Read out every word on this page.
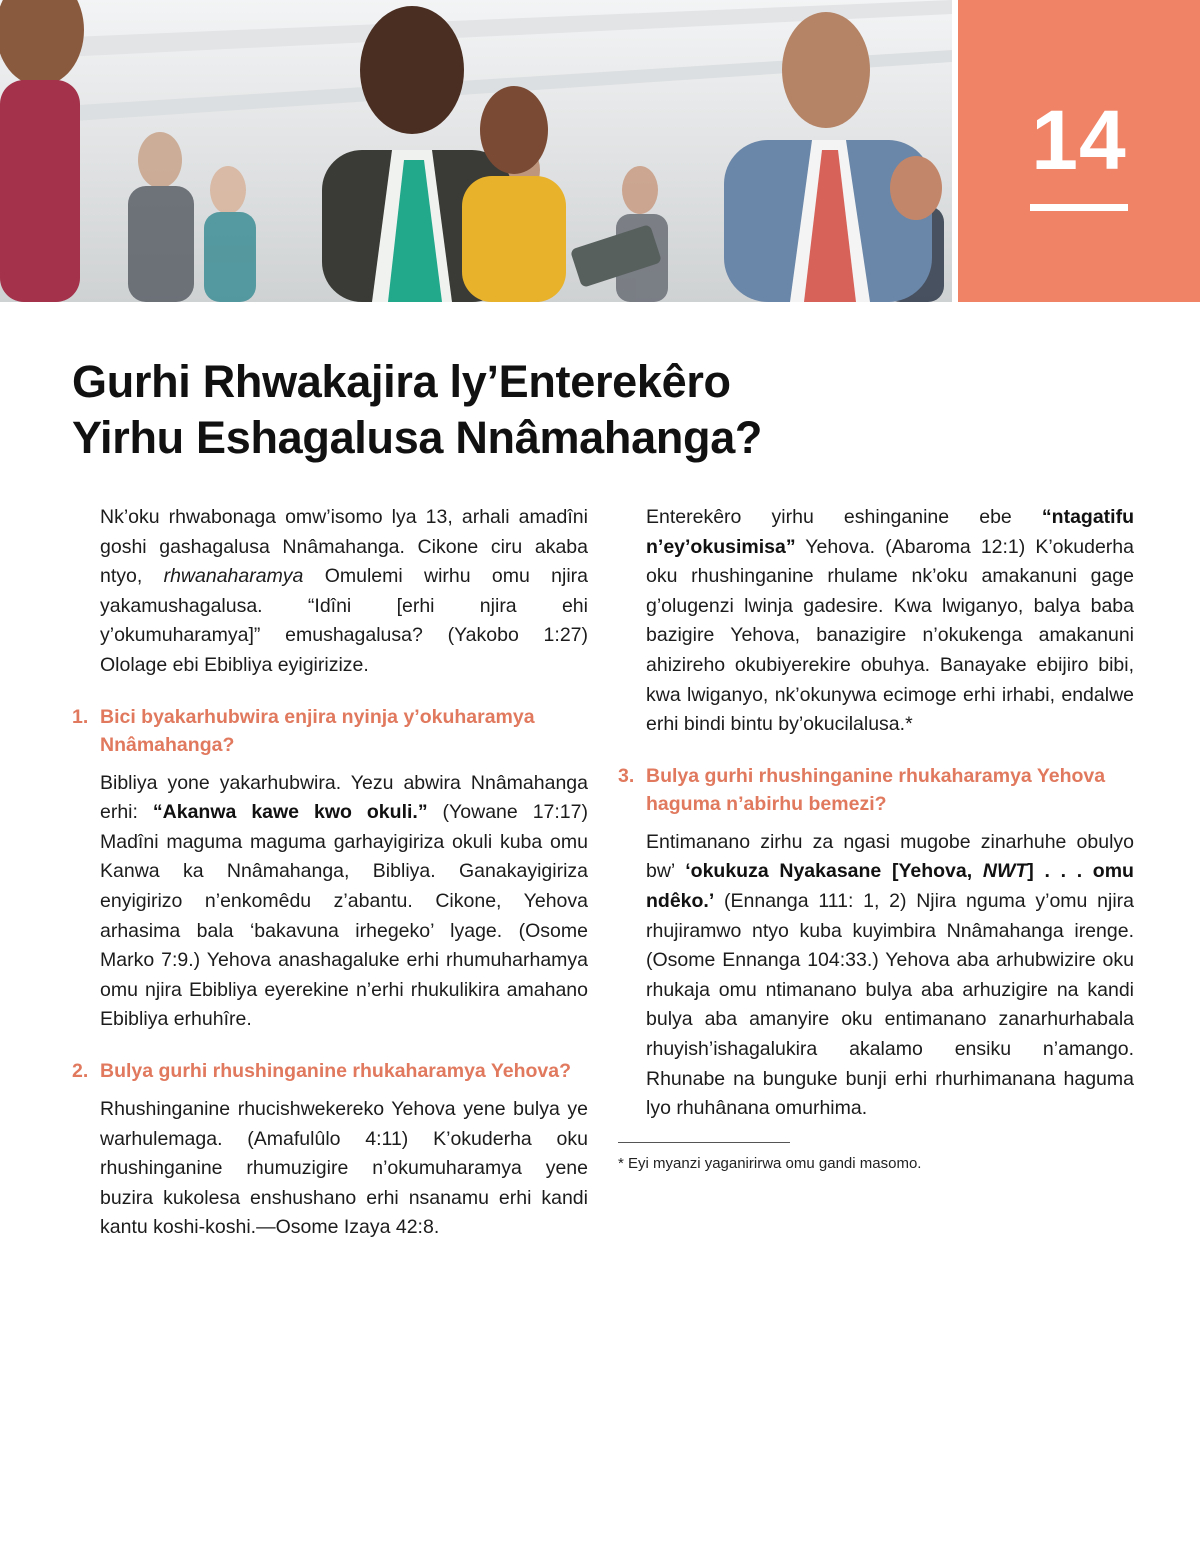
14
Gurhi Rhwakajira ly’Enterekêro
Yirhu Eshagalusa Nnâmahanga?

Nk’oku rhwabonaga omw’isomo lya 13, arhali amadîni goshi gashagalusa Nnâmahanga. Cikone ciru akaba ntyo, rhwanaharamya Omulemi wirhu omu njira yakamushagalusa. “Idîni [erhi njira ehi y’okumuharamya]” emushagalusa? (Yakobo 1:27) Ololage ebi Ebibliya eyigirizize.

1. Bici byakarhubwira enjira nyinja y’okuharamya Nnâmahanga?

Bibliya yone yakarhubwira. Yezu abwira Nnâmahanga erhi: “Akanwa kawe kwo okuli.” (Yowane 17:17) Madîni maguma maguma garhayigiriza okuli kuba omu Kanwa ka Nnâmahanga, Bibliya. Ganakayigiriza enyigirizo n’enkomêdu z’abantu. Cikone, Yehova arhasima bala ‘bakavuna irhegeko’ lyage. (Osome Marko 7:9.) Yehova anashagaluke erhi rhumuharhamya omu njira Ebibliya eyerekine n’erhi rhukulikira amahano Ebibliya erhuhîre.

2. Bulya gurhi rhushinganine rhukaharamya Yehova?

Rhushinganine rhucishwekereko Yehova yene bulya ye warhulemaga. (Amafulûlo 4:11) K’okuderha oku rhushinganine rhumuzigire n’okumuharamya yene buzira kukolesa enshushano erhi nsanamu erhi kandi kantu koshi-koshi.—Osome Izaya 42:8.

Enterekêro yirhu eshinganine ebe “ntagatifu n’ey’okusimisa” Yehova. (Abaroma 12:1) K’okuderha oku rhushinganine rhulame nk’oku amakanuni gage g’olugenzi lwinja gadesire. Kwa lwiganyo, balya baba bazigire Yehova, banazigire n’okukenga amakanuni ahizireho okubiyerekire obuhya. Banayake ebijiro bibi, kwa lwiganyo, nk’okunywa ecimoge erhi irhabi, endalwe erhi bindi bintu by’okucilalusa.*

3. Bulya gurhi rhushinganine rhukaharamya Yehova haguma n’abirhu bemezi?

Entimanano zirhu za ngasi mugobe zinarhuhe obulyo bw’ ‘okukuza Nyakasane [Yehova, NWT] . . . omu ndêko.’ (Ennanga 111: 1, 2) Njira nguma y’omu njira rhujiramwo ntyo kuba kuyimbira Nnâmahanga irenge. (Osome Ennanga 104:33.) Yehova aba arhubwizire oku rhukaja omu ntimanano bulya aba arhuzigire na kandi bulya aba amanyire oku entimanano zanarhurhabala rhuyish’ishagalukira akalamo ensiku n’amango. Rhunabe na bunguke bunji erhi rhurhimanana haguma lyo rhuhânana omurhima.

* Eyi myanzi yaganirirwa omu gandi masomo.
